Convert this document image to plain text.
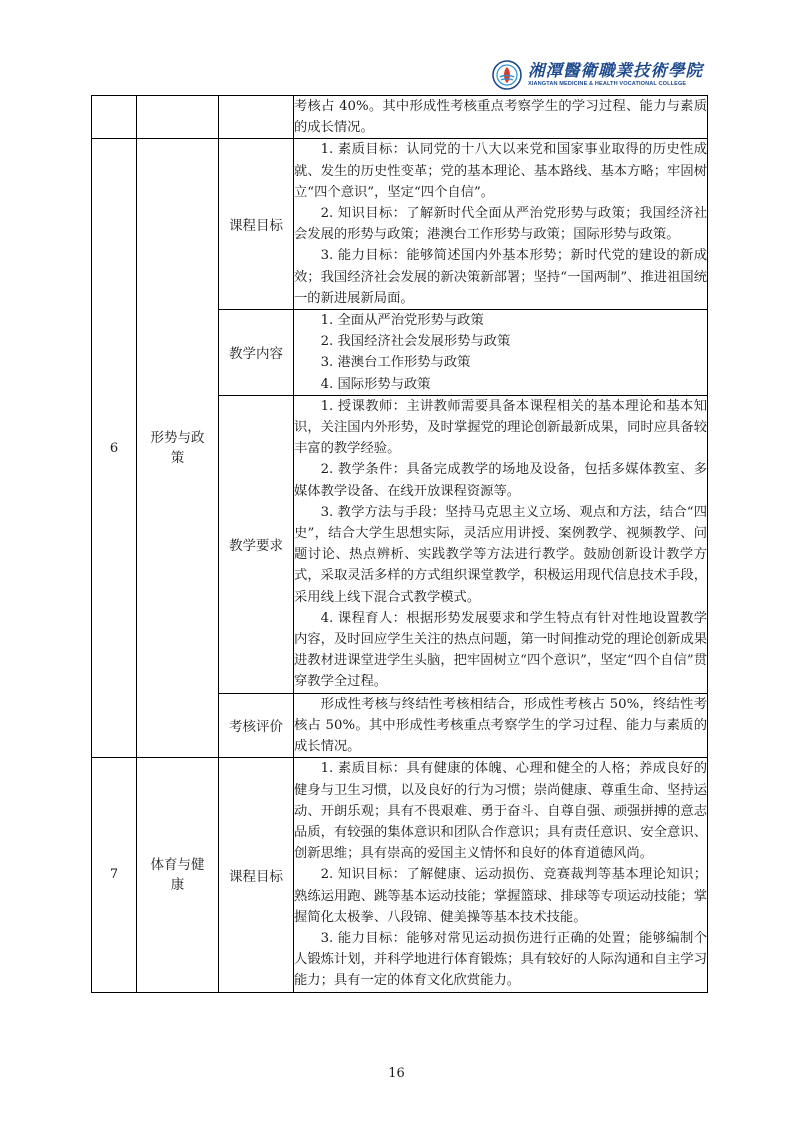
湘潭醫衛職業技術學院
XIANGTAN MEDICINE & HEALTH VOCATIONAL COLLEGE

			考核占 40%。其中形成性考核重点考察学生的学习过程、能力与素质的成长情况。

6	形势与政策	课程目标	1. 素质目标：认同党的十八大以来党和国家事业取得的历史性成就、发生的历史性变革；党的基本理论、基本路线、基本方略；牢固树立“四个意识”，坚定“四个自信”。

2. 知识目标：了解新时代全面从严治党形势与政策；我国经济社会发展的形势与政策；港澳台工作形势与政策；国际形势与政策。

3. 能力目标：能够简述国内外基本形势；新时代党的建设的新成效；我国经济社会发展的新决策新部署；坚持“一国两制”、推进祖国统一的新进展新局面。

		教学内容	1. 全面从严治党形势与政策

2. 我国经济社会发展形势与政策

3. 港澳台工作形势与政策

4. 国际形势与政策

		教学要求	1. 授课教师：主讲教师需要具备本课程相关的基本理论和基本知识，关注国内外形势，及时掌握党的理论创新最新成果，同时应具备较丰富的教学经验。

2. 教学条件：具备完成教学的场地及设备，包括多媒体教室、多媒体教学设备、在线开放课程资源等。

3. 教学方法与手段：坚持马克思主义立场、观点和方法，结合“四史”，结合大学生思想实际，灵活应用讲授、案例教学、视频教学、问题讨论、热点辨析、实践教学等方法进行教学。鼓励创新设计教学方式，采取灵活多样的方式组织课堂教学，积极运用现代信息技术手段，采用线上线下混合式教学模式。

4. 课程育人：根据形势发展要求和学生特点有针对性地设置教学内容，及时回应学生关注的热点问题，第一时间推动党的理论创新成果进教材进课堂进学生头脑，把牢固树立“四个意识”，坚定“四个自信”贯穿教学全过程。

		考核评价	形成性考核与终结性考核相结合，形成性考核占 50%，终结性考核占 50%。其中形成性考核重点考察学生的学习过程、能力与素质的成长情况。

7	体育与健康	课程目标	1. 素质目标：具有健康的体魄、心理和健全的人格；养成良好的健身与卫生习惯，以及良好的行为习惯；崇尚健康、尊重生命、坚持运动、开朗乐观；具有不畏艰难、勇于奋斗、自尊自强、顽强拼搏的意志品质，有较强的集体意识和团队合作意识；具有责任意识、安全意识、创新思维；具有崇高的爱国主义情怀和良好的体育道德风尚。

2. 知识目标：了解健康、运动损伤、竞赛裁判等基本理论知识；熟练运用跑、跳等基本运动技能；掌握篮球、排球等专项运动技能；掌握简化太极拳、八段锦、健美操等基本技术技能。

3. 能力目标：能够对常见运动损伤进行正确的处置；能够编制个人锻炼计划，并科学地进行体育锻炼；具有较好的人际沟通和自主学习能力；具有一定的体育文化欣赏能力。

16
